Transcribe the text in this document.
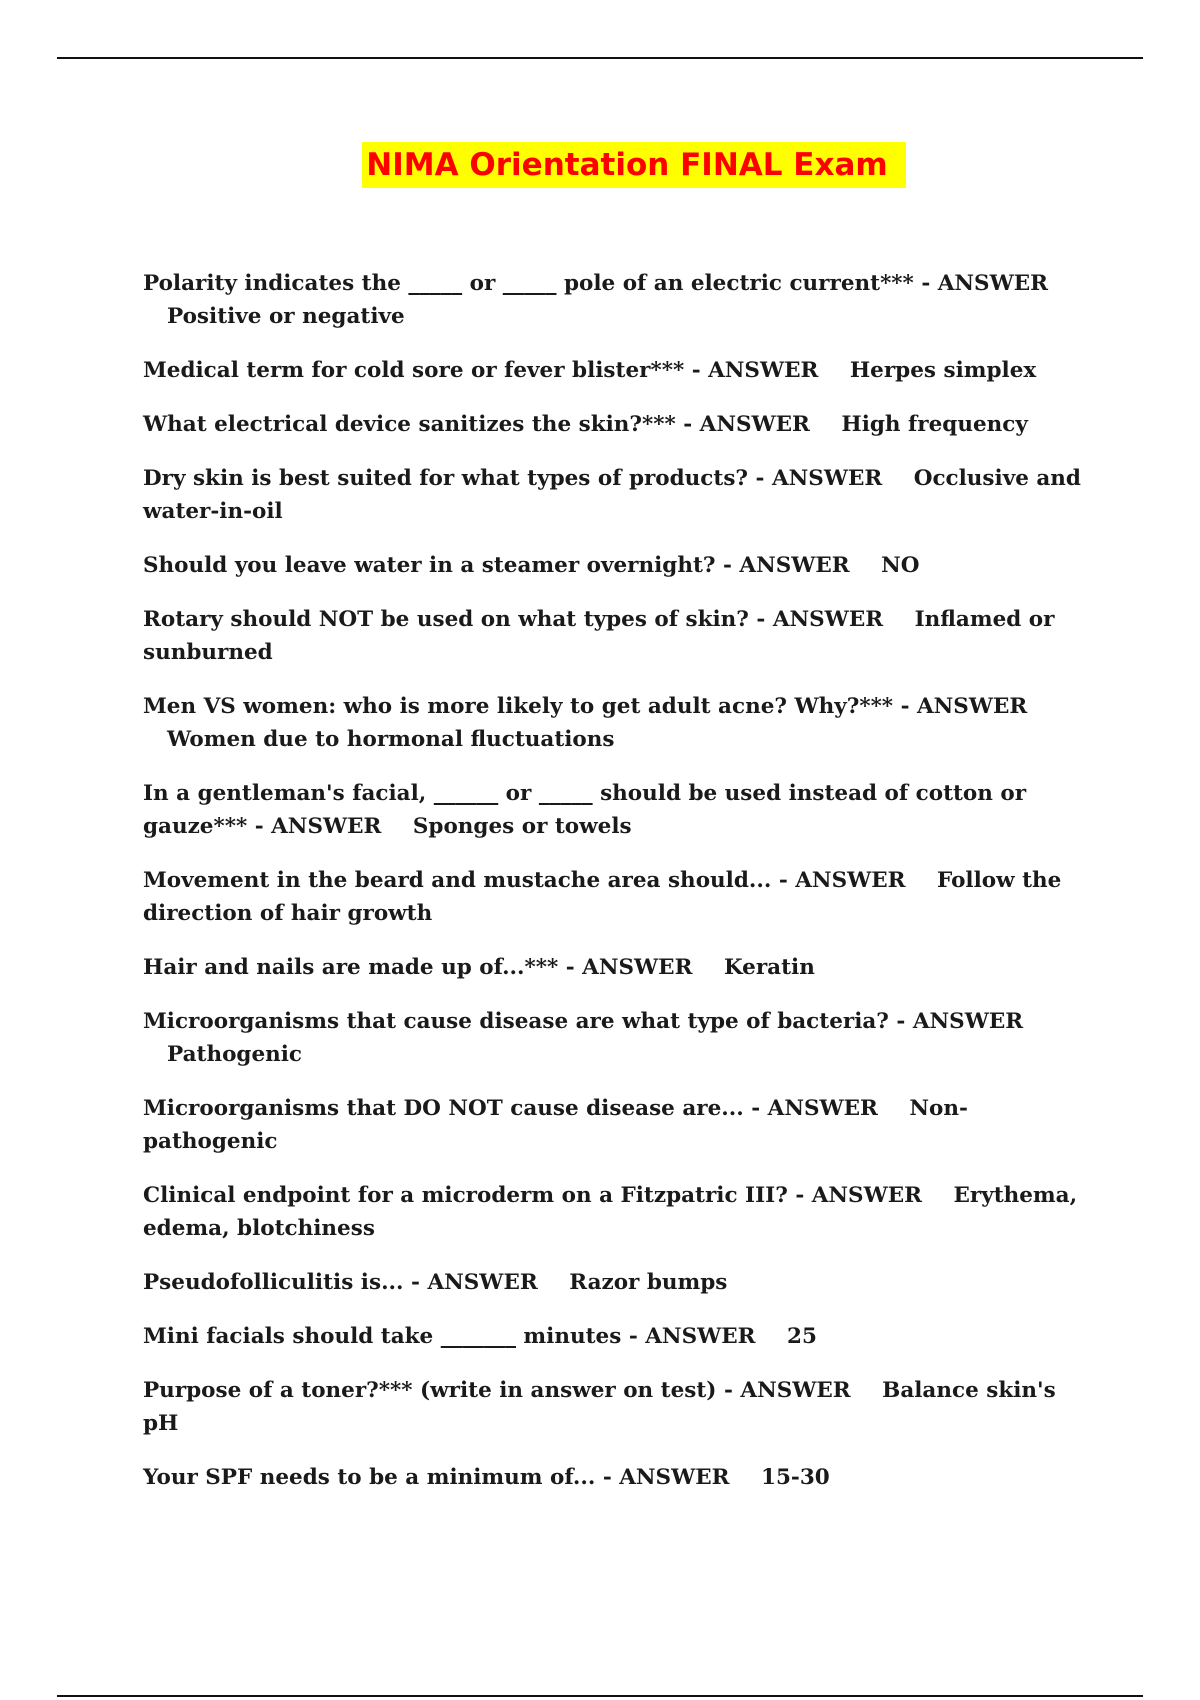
NIMA Orientation FINAL Exam
Polarity indicates the _____ or _____ pole of an electric current*** - ANSWER Positive or negative
Medical term for cold sore or fever blister*** - ANSWER Herpes simplex
What electrical device sanitizes the skin?*** - ANSWER High frequency
Dry skin is best suited for what types of products? - ANSWER Occlusive and water-in-oil
Should you leave water in a steamer overnight? - ANSWER NO
Rotary should NOT be used on what types of skin? - ANSWER Inflamed or sunburned
Men VS women: who is more likely to get adult acne? Why?*** - ANSWER Women due to hormonal fluctuations
In a gentleman's facial, ______ or _____ should be used instead of cotton or gauze*** - ANSWER Sponges or towels
Movement in the beard and mustache area should... - ANSWER Follow the direction of hair growth
Hair and nails are made up of...*** - ANSWER Keratin
Microorganisms that cause disease are what type of bacteria? - ANSWER Pathogenic
Microorganisms that DO NOT cause disease are... - ANSWER Non-pathogenic
Clinical endpoint for a microderm on a Fitzpatric III? - ANSWER Erythema, edema, blotchiness
Pseudofolliculitis is... - ANSWER Razor bumps
Mini facials should take _______ minutes - ANSWER 25
Purpose of a toner?*** (write in answer on test) - ANSWER Balance skin's pH
Your SPF needs to be a minimum of... - ANSWER 15-30
